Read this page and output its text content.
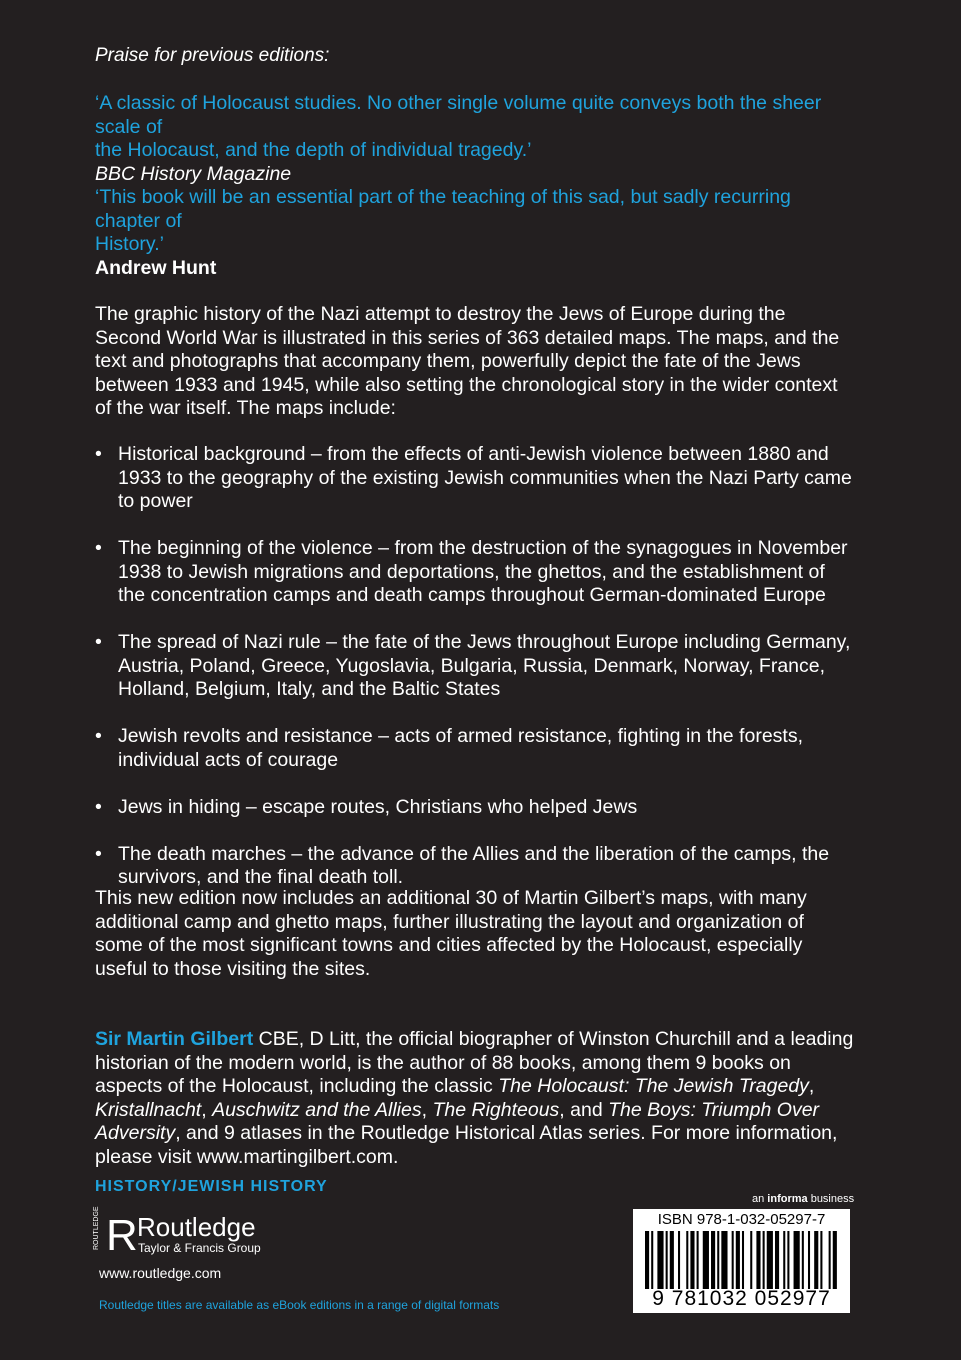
Praise for previous editions:
‘A classic of Holocaust studies. No other single volume quite conveys both the sheer scale of
the Holocaust, and the depth of individual tragedy.’
BBC History Magazine
‘This book will be an essential part of the teaching of this sad, but sadly recurring chapter of
History.’
Andrew Hunt
The graphic history of the Nazi attempt to destroy the Jews of Europe during the Second World War is illustrated in this series of 363 detailed maps. The maps, and the text and photographs that accompany them, powerfully depict the fate of the Jews between 1933 and 1945, while also setting the chronological story in the wider context of the war itself. The maps include:
• Historical background – from the effects of anti-Jewish violence between 1880 and 1933 to the geography of the existing Jewish communities when the Nazi Party came to power
• The beginning of the violence – from the destruction of the synagogues in November 1938 to Jewish migrations and deportations, the ghettos, and the establishment of the concentration camps and death camps throughout German-dominated Europe
• The spread of Nazi rule – the fate of the Jews throughout Europe including Germany, Austria, Poland, Greece, Yugoslavia, Bulgaria, Russia, Denmark, Norway, France, Holland, Belgium, Italy, and the Baltic States
• Jewish revolts and resistance – acts of armed resistance, fighting in the forests, individual acts of courage
• Jews in hiding – escape routes, Christians who helped Jews
• The death marches – the advance of the Allies and the liberation of the camps, the survivors, and the final death toll.
This new edition now includes an additional 30 of Martin Gilbert’s maps, with many additional camp and ghetto maps, further illustrating the layout and organization of some of the most significant towns and cities affected by the Holocaust, especially useful to those visiting the sites.
Sir Martin Gilbert CBE, D Litt, the official biographer of Winston Churchill and a leading historian of the modern world, is the author of 88 books, among them 9 books on aspects of the Holocaust, including the classic The Holocaust: The Jewish Tragedy, Kristallnacht, Auschwitz and the Allies, The Righteous, and The Boys: Triumph Over Adversity, and 9 atlases in the Routledge Historical Atlas series. For more information, please visit www.martingilbert.com.
HISTORY/JEWISH HISTORY
ROUTLEDGE R Routledge
Taylor & Francis Group
www.routledge.com
Routledge titles are available as eBook editions in a range of digital formats
an informa business
ISBN 978-1-032-05297-7
9 781032 052977
